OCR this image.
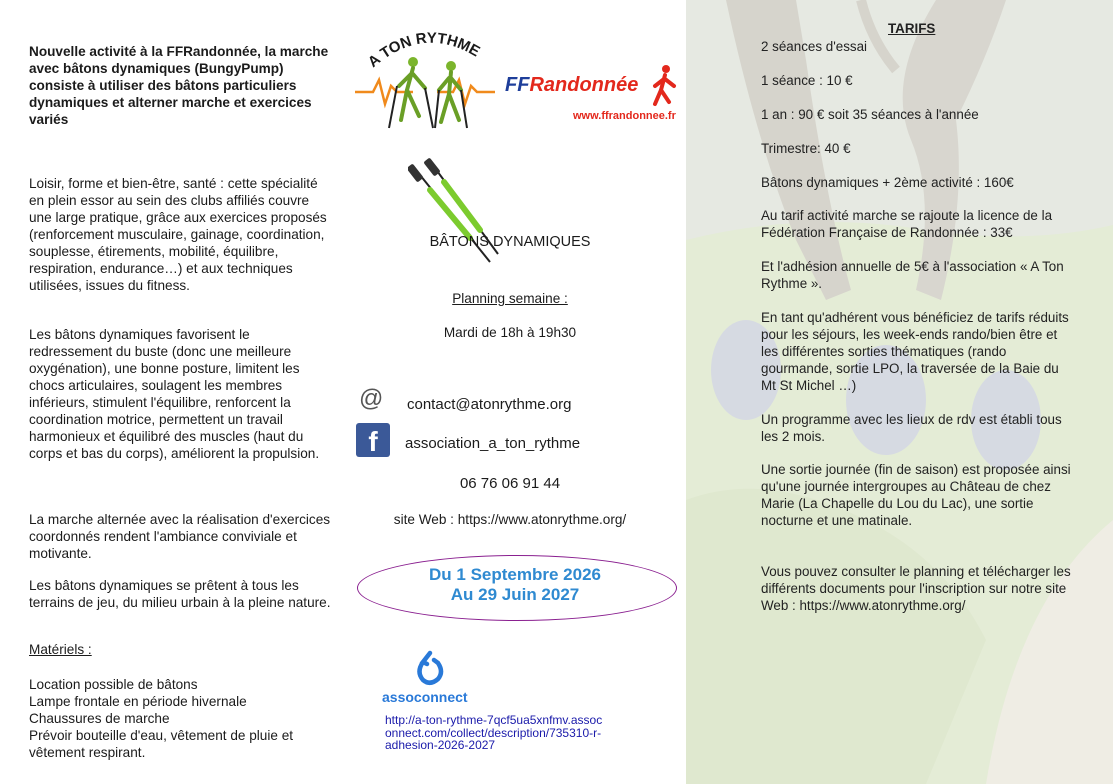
Nouvelle activité à la FFRandonnée, la marche avec bâtons dynamiques (BungyPump) consiste à utiliser des bâtons particuliers dynamiques et alterner marche et exercices variés
Loisir, forme et bien-être, santé : cette spécialité en plein essor au sein des clubs affiliés couvre une large pratique, grâce aux exercices proposés (renforcement musculaire, gainage, coordination, souplesse, étirements, mobilité, équilibre, respiration, endurance…) et aux techniques utilisées, issues du fitness.
Les bâtons dynamiques favorisent le redressement du buste (donc une meilleure oxygénation), une bonne posture, limitent les chocs articulaires, soulagent les membres inférieurs, stimulent l'équilibre, renforcent la coordination motrice, permettent un travail harmonieux et équilibré des muscles (haut du corps et bas du corps), améliorent la propulsion.
La marche alternée avec la réalisation d'exercices coordonnés rendent l'ambiance conviviale et motivante.
Les bâtons dynamiques se prêtent à tous les terrains de jeu, du milieu urbain à la pleine nature.
Matériels :
Location possible de bâtons
Lampe frontale en période hivernale
Chaussures de marche
Prévoir bouteille d'eau, vêtement de pluie et vêtement respirant.
A TON RYTHME
FFRandonnée
www.ffrandonnee.fr
BÂTONS DYNAMIQUES
Planning semaine :
Mardi de 18h à 19h30
@ contact@atonrythme.org
f	association_a_ton_rythme
06 76 06 91 44
site Web : https://www.atonrythme.org/
Du 1 Septembre 2026
Au 29 Juin 2027
assoconnect
http://a-ton-rythme-7qcf5ua5xnfmv.assoconnect.com/collect/description/735310-r-adhesion-2026-2027
TARIFS
2 séances d'essai
1 séance : 10 €
1 an : 90 € soit 35 séances à l'année
Trimestre: 40 €
Bâtons dynamiques + 2ème activité : 160€
Au tarif activité marche se rajoute la licence de la Fédération Française de Randonnée : 33€
Et l'adhésion annuelle de 5€ à l'association « A Ton Rythme ».
En tant qu'adhérent vous bénéficiez de tarifs réduits pour les séjours, les week-ends rando/bien être et les différentes sorties thématiques (rando gourmande, sortie LPO, la traversée de la Baie du Mt St Michel …)
Un programme avec les lieux de rdv est établi tous les 2 mois.
Une sortie journée (fin de saison) est proposée ainsi qu'une journée intergroupes au Château de chez Marie (La Chapelle du Lou du Lac), une sortie nocturne et une matinale.
Vous pouvez consulter le planning et télécharger les différents documents pour l'inscription sur notre site Web : https://www.atonrythme.org/
